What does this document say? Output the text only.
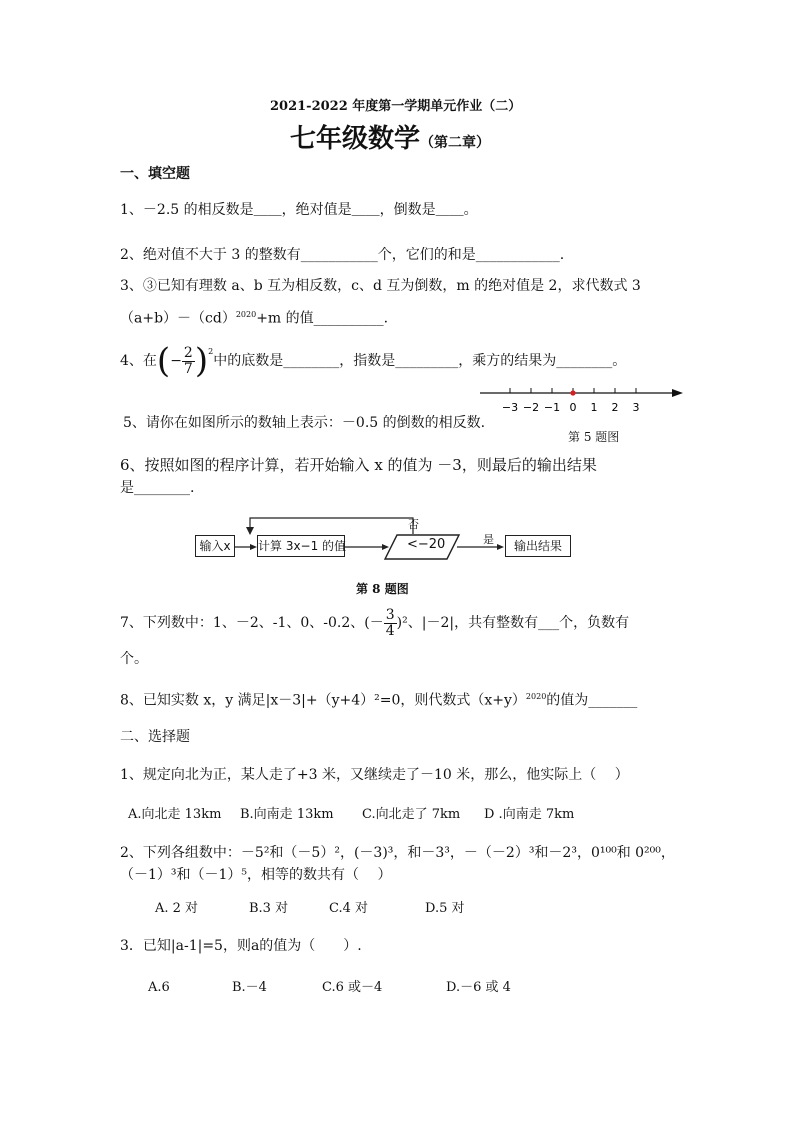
2021-2022 年度第一学期单元作业（二）
七年级数学（第二章）
一、填空题
1、－2.5 的相反数是＿＿，绝对值是＿＿，倒数是＿＿。
2、绝对值不大于 3 的整数有___________个，它们的和是____________.
3、③已知有理数 a、b 互为相反数，c、d 互为倒数，m 的绝对值是 2，求代数式 3
（a+b）－（cd）$^{2020}$+m 的值__________.
4、在 ( − $\frac{2}{7} )^2$
中的底数是________，指数是_________，乘方的结果为________。
−3 −2 −1 0 1 2 3
5、请你在如图所示的数轴上表示：－0.5 的倒数的相反数.
第 5 题图
6、按照如图的程序计算，若开始输入 x 的值为 －3，则最后的输出结果
是________.
输入x	计算 3x−1 的值	<−20
否
是	输出结果
第 8 题图
7、下列数中：1、－2、-1、0、-0.2、(－ $\frac{3}{4} )^2$、|－2|，共有整数有___个，负数有
个。
8、已知实数 x，y 满足|x－3|+（y+4）²=0，则代数式$(x+y)^{2020}$的值为_______
二、选择题
1、规定向北为正，某人走了+3 米，又继续走了－10 米，那么，他实际上（　 ）
A.向北走 13km B.向南走 13km C.向北走了 7km D .向南走 7km
2、下列各组数中：－5²和（－5）²，(－3)³，和－3³，－（－2）³和－2³，0¹⁰⁰和 0²⁰⁰，
（－1）³和（－1）⁵，相等的数共有（　 ）
A. 2 对	B.3 对	C.4 对	D.5 对
3．已知|a-1|=5，则a的值为（　　）.
A.6	B.－4	C.6 或－4	D.－6 或 4
